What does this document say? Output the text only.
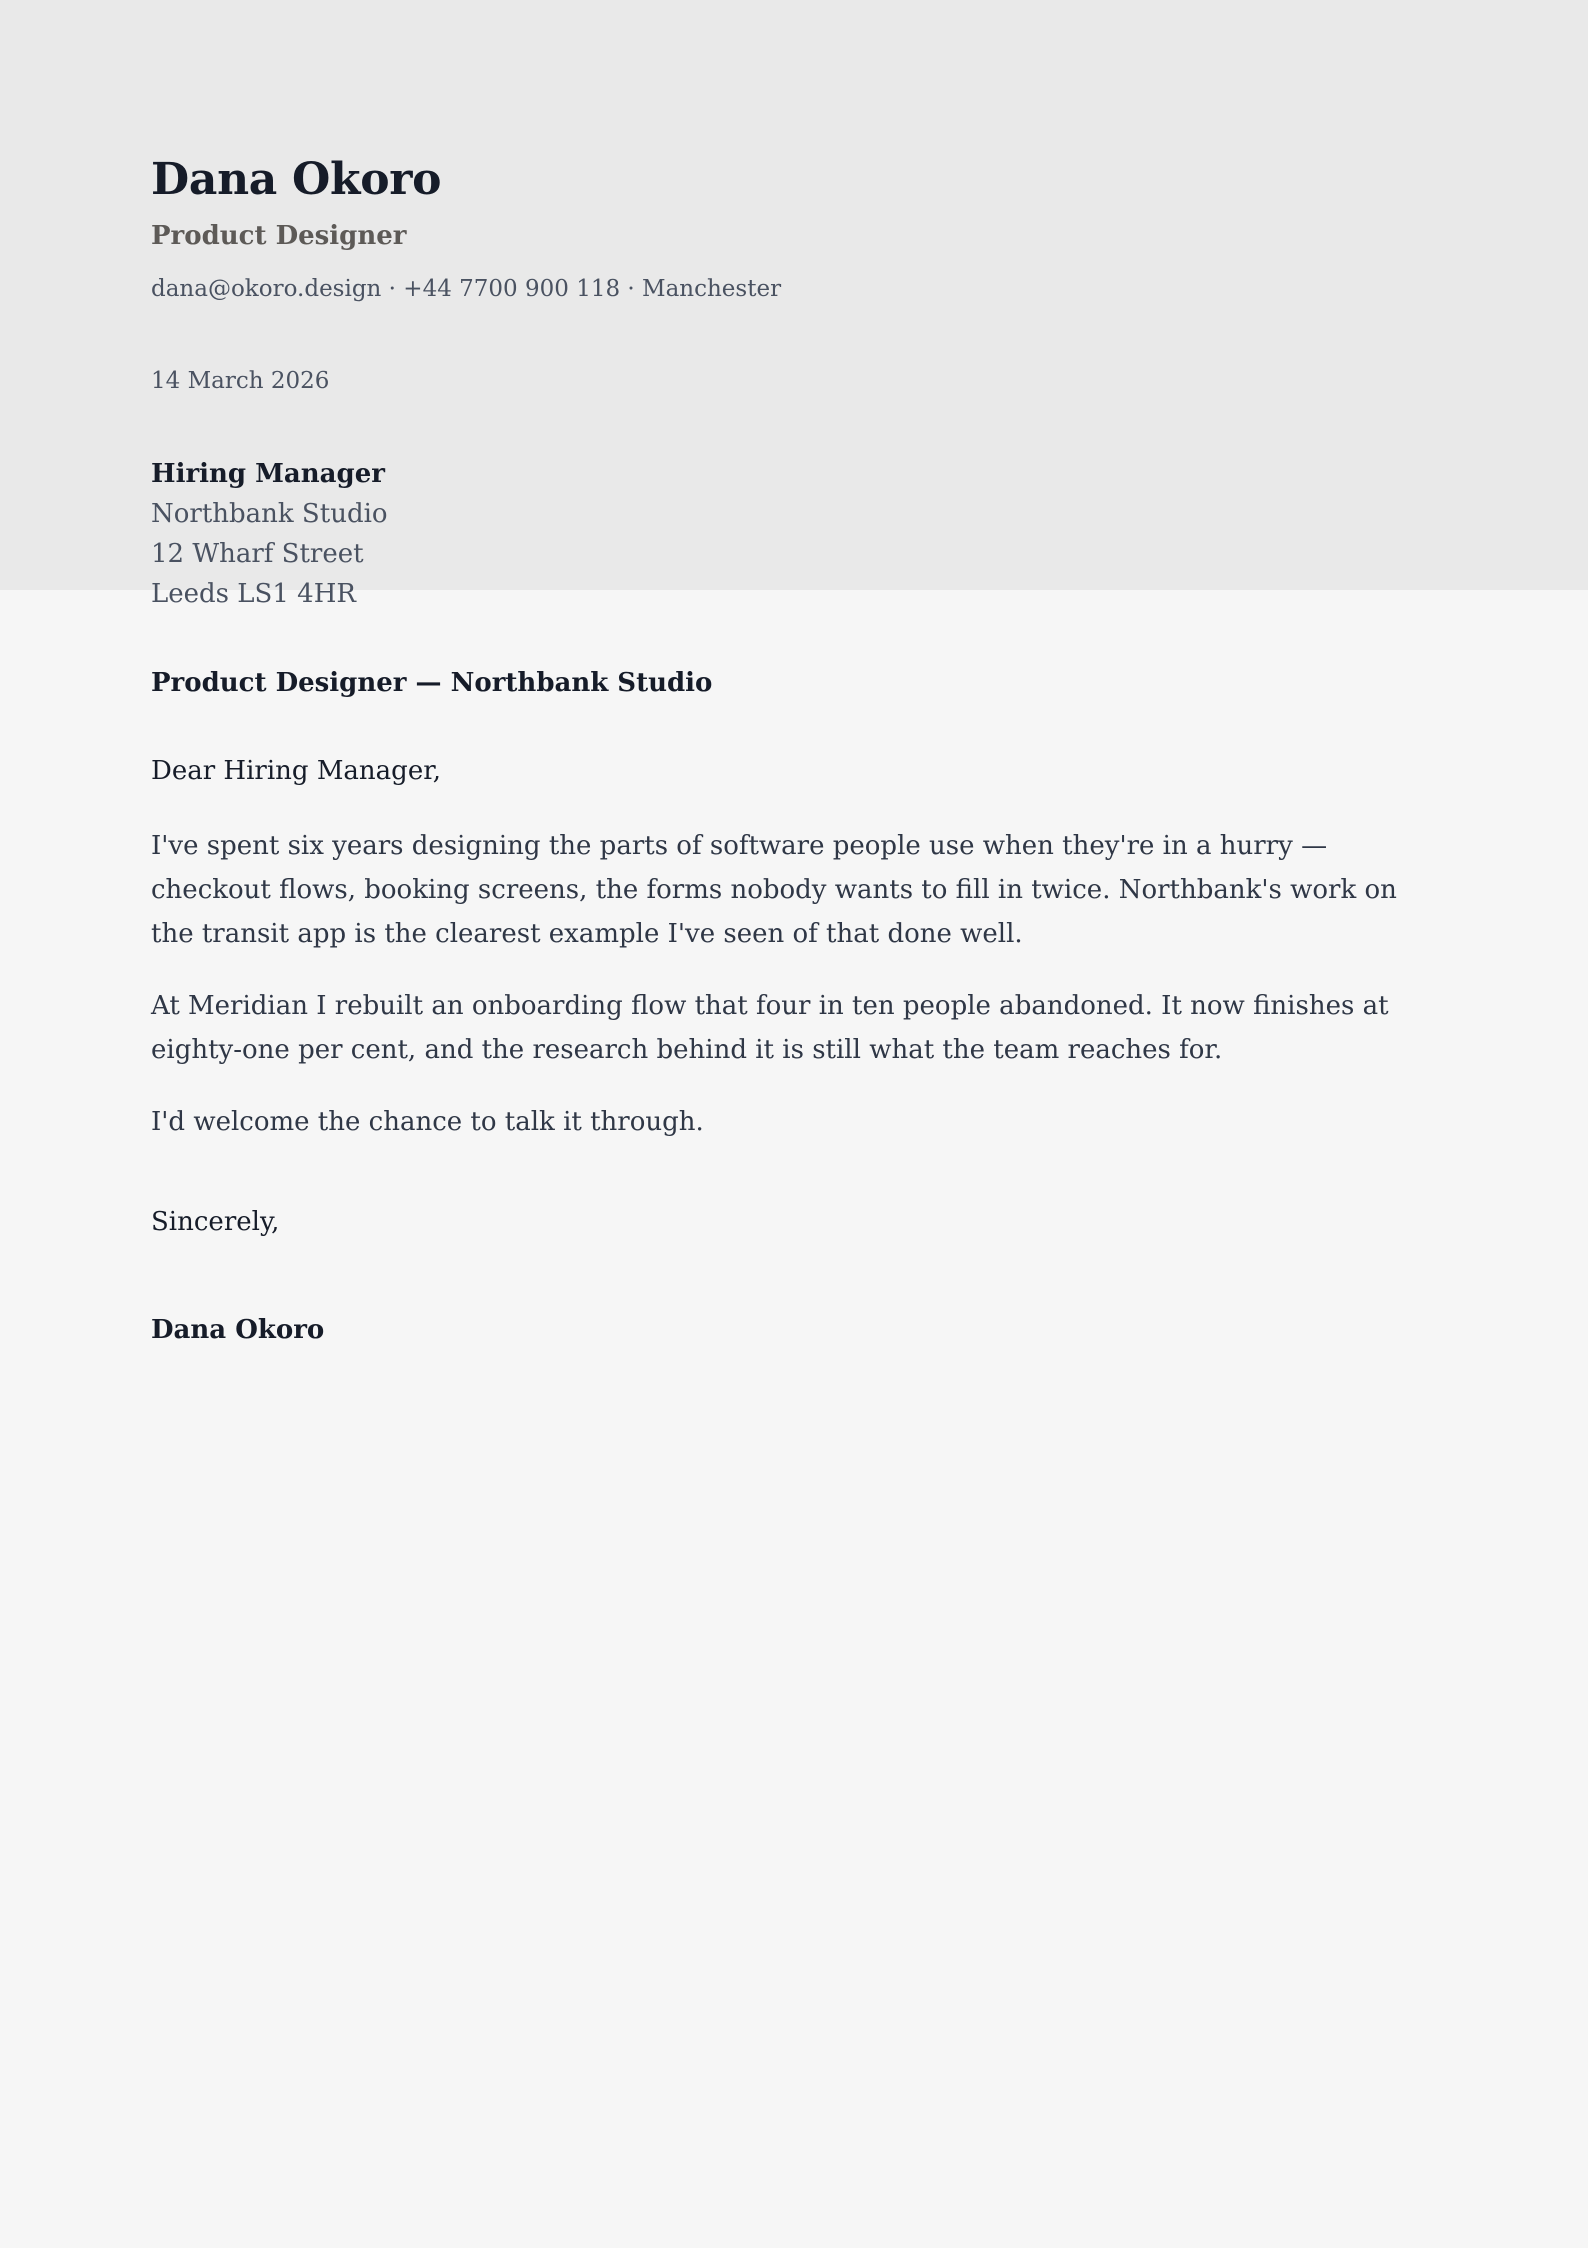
Dana Okoro
Product Designer
dana@okoro.design · +44 7700 900 118 · Manchester
14 March 2026
Hiring Manager
Northbank Studio
12 Wharf Street
Leeds LS1 4HR
Product Designer — Northbank Studio
Dear Hiring Manager,

I've spent six years designing the parts of software people use when they're in a hurry — checkout flows, booking screens, the forms nobody wants to fill in twice. Northbank's work on the transit app is the clearest example I've seen of that done well.

At Meridian I rebuilt an onboarding flow that four in ten people abandoned. It now finishes at eighty-one per cent, and the research behind it is still what the team reaches for.

I'd welcome the chance to talk it through.

Sincerely,
Dana Okoro
